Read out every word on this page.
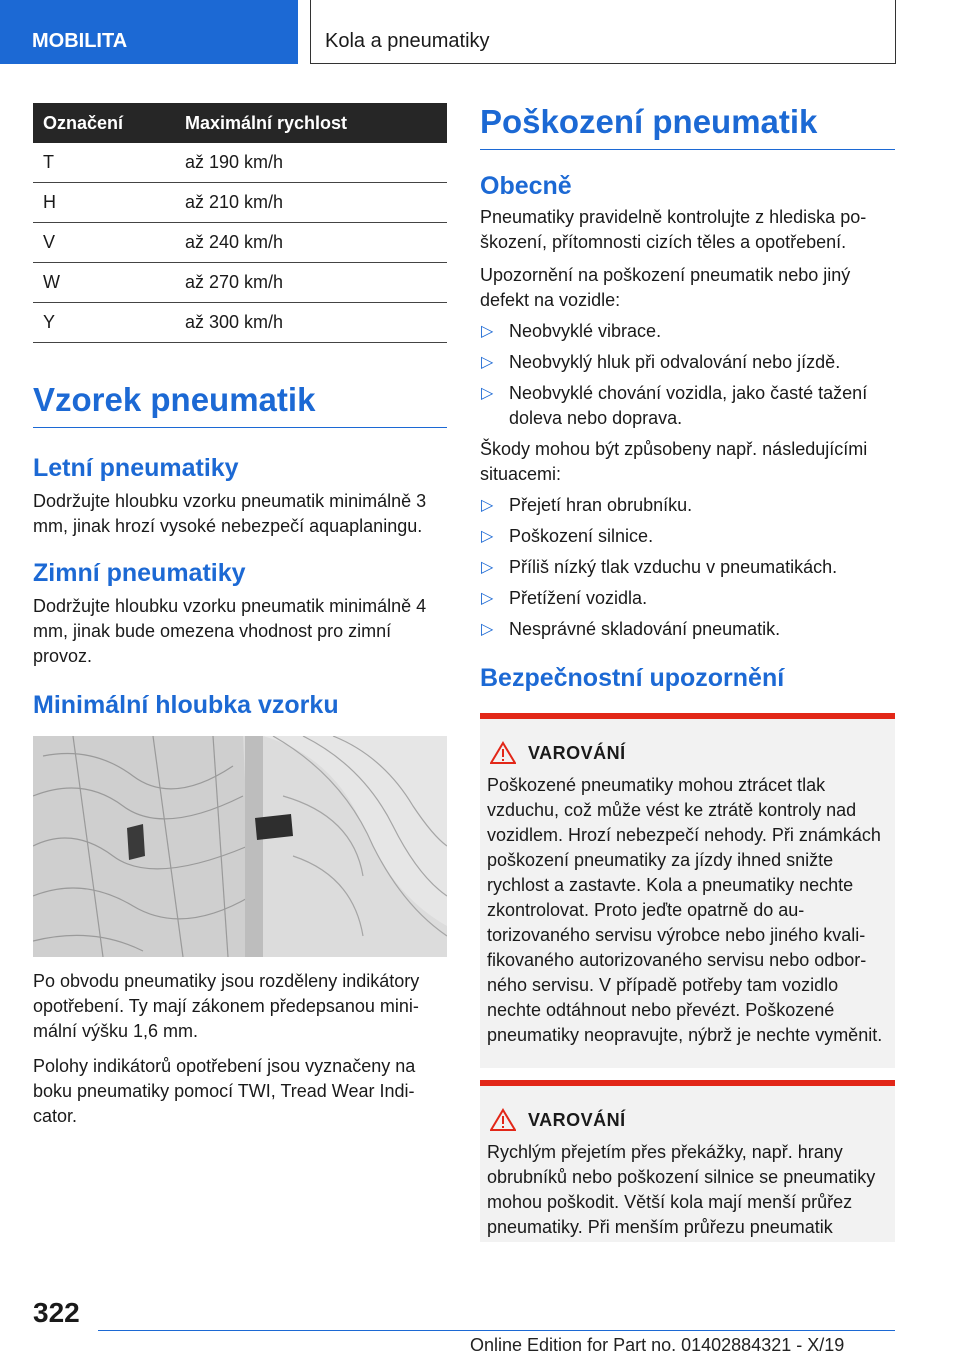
MOBILITA	Kola a pneumatiky
Označení	Maximální rychlost
T	až 190 km/h
H	až 210 km/h
V	až 240 km/h
W	až 270 km/h
Y	až 300 km/h
Vzorek pneumatik
Letní pneumatiky

Dodržujte hloubku vzorku pneumatik minimálně 3 mm, jinak hrozí vysoké nebezpečí aquaplaningu.

Zimní pneumatiky

Dodržujte hloubku vzorku pneumatik minimálně 4 mm, jinak bude omezena vhodnost pro zimní provoz.

Minimální hloubka vzorku

Po obvodu pneumatiky jsou rozděleny indikátory opotřebení. Ty mají zákonem předepsanou minimální výšku 1,6 mm.

Polohy indikátorů opotřebení jsou vyznačeny na boku pneumatiky pomocí TWI, Tread Wear Indicator.

Poškození pneumatik
Obecně

Pneumatiky pravidelně kontrolujte z hlediska poškození, přítomnosti cizích těles a opotřebení.

Upozornění na poškození pneumatik nebo jiný defekt na vozidle:

▷ Neobvyklé vibrace.
▷ Neobvyklý hluk při odvalování nebo jízdě.
▷ Neobvyklé chování vozidla, jako časté tažení doleva nebo doprava.

Škody mohou být způsobeny např. následujícími situacemi:

▷ Přejetí hran obrubníku.
▷ Poškození silnice.
▷ Příliš nízký tlak vzduchu v pneumatikách.
▷ Přetížení vozidla.
▷ Nesprávné skladování pneumatik.
Bezpečnostní upozornění
VAROVÁNÍ

Poškozené pneumatiky mohou ztrácet tlak vzduchu, což může vést ke ztrátě kontroly nad vozidlem. Hrozí nebezpečí nehody. Při známkách poškození pneumatiky za jízdy ihned snižte rychlost a zastavte. Kola a pneumatiky nechte zkontrolovat. Proto jeďte opatrně do autorizovaného servisu výrobce nebo jiného kvalifikovaného autorizovaného servisu nebo odborného servisu. V případě potřeby tam vozidlo nechte odtáhnout nebo převézt. Poškozené pneumatiky neopravujte, nýbrž je nechte vyměnit.

VAROVÁNÍ

Rychlým přejetím přes překážky, např. hrany obrubníků nebo poškození silnice se pneumatiky mohou poškodit. Větší kola mají menší průřez pneumatiky. Při menším průřezu pneumatik

322
Online Edition for Part no. 01402884321 - X/19
